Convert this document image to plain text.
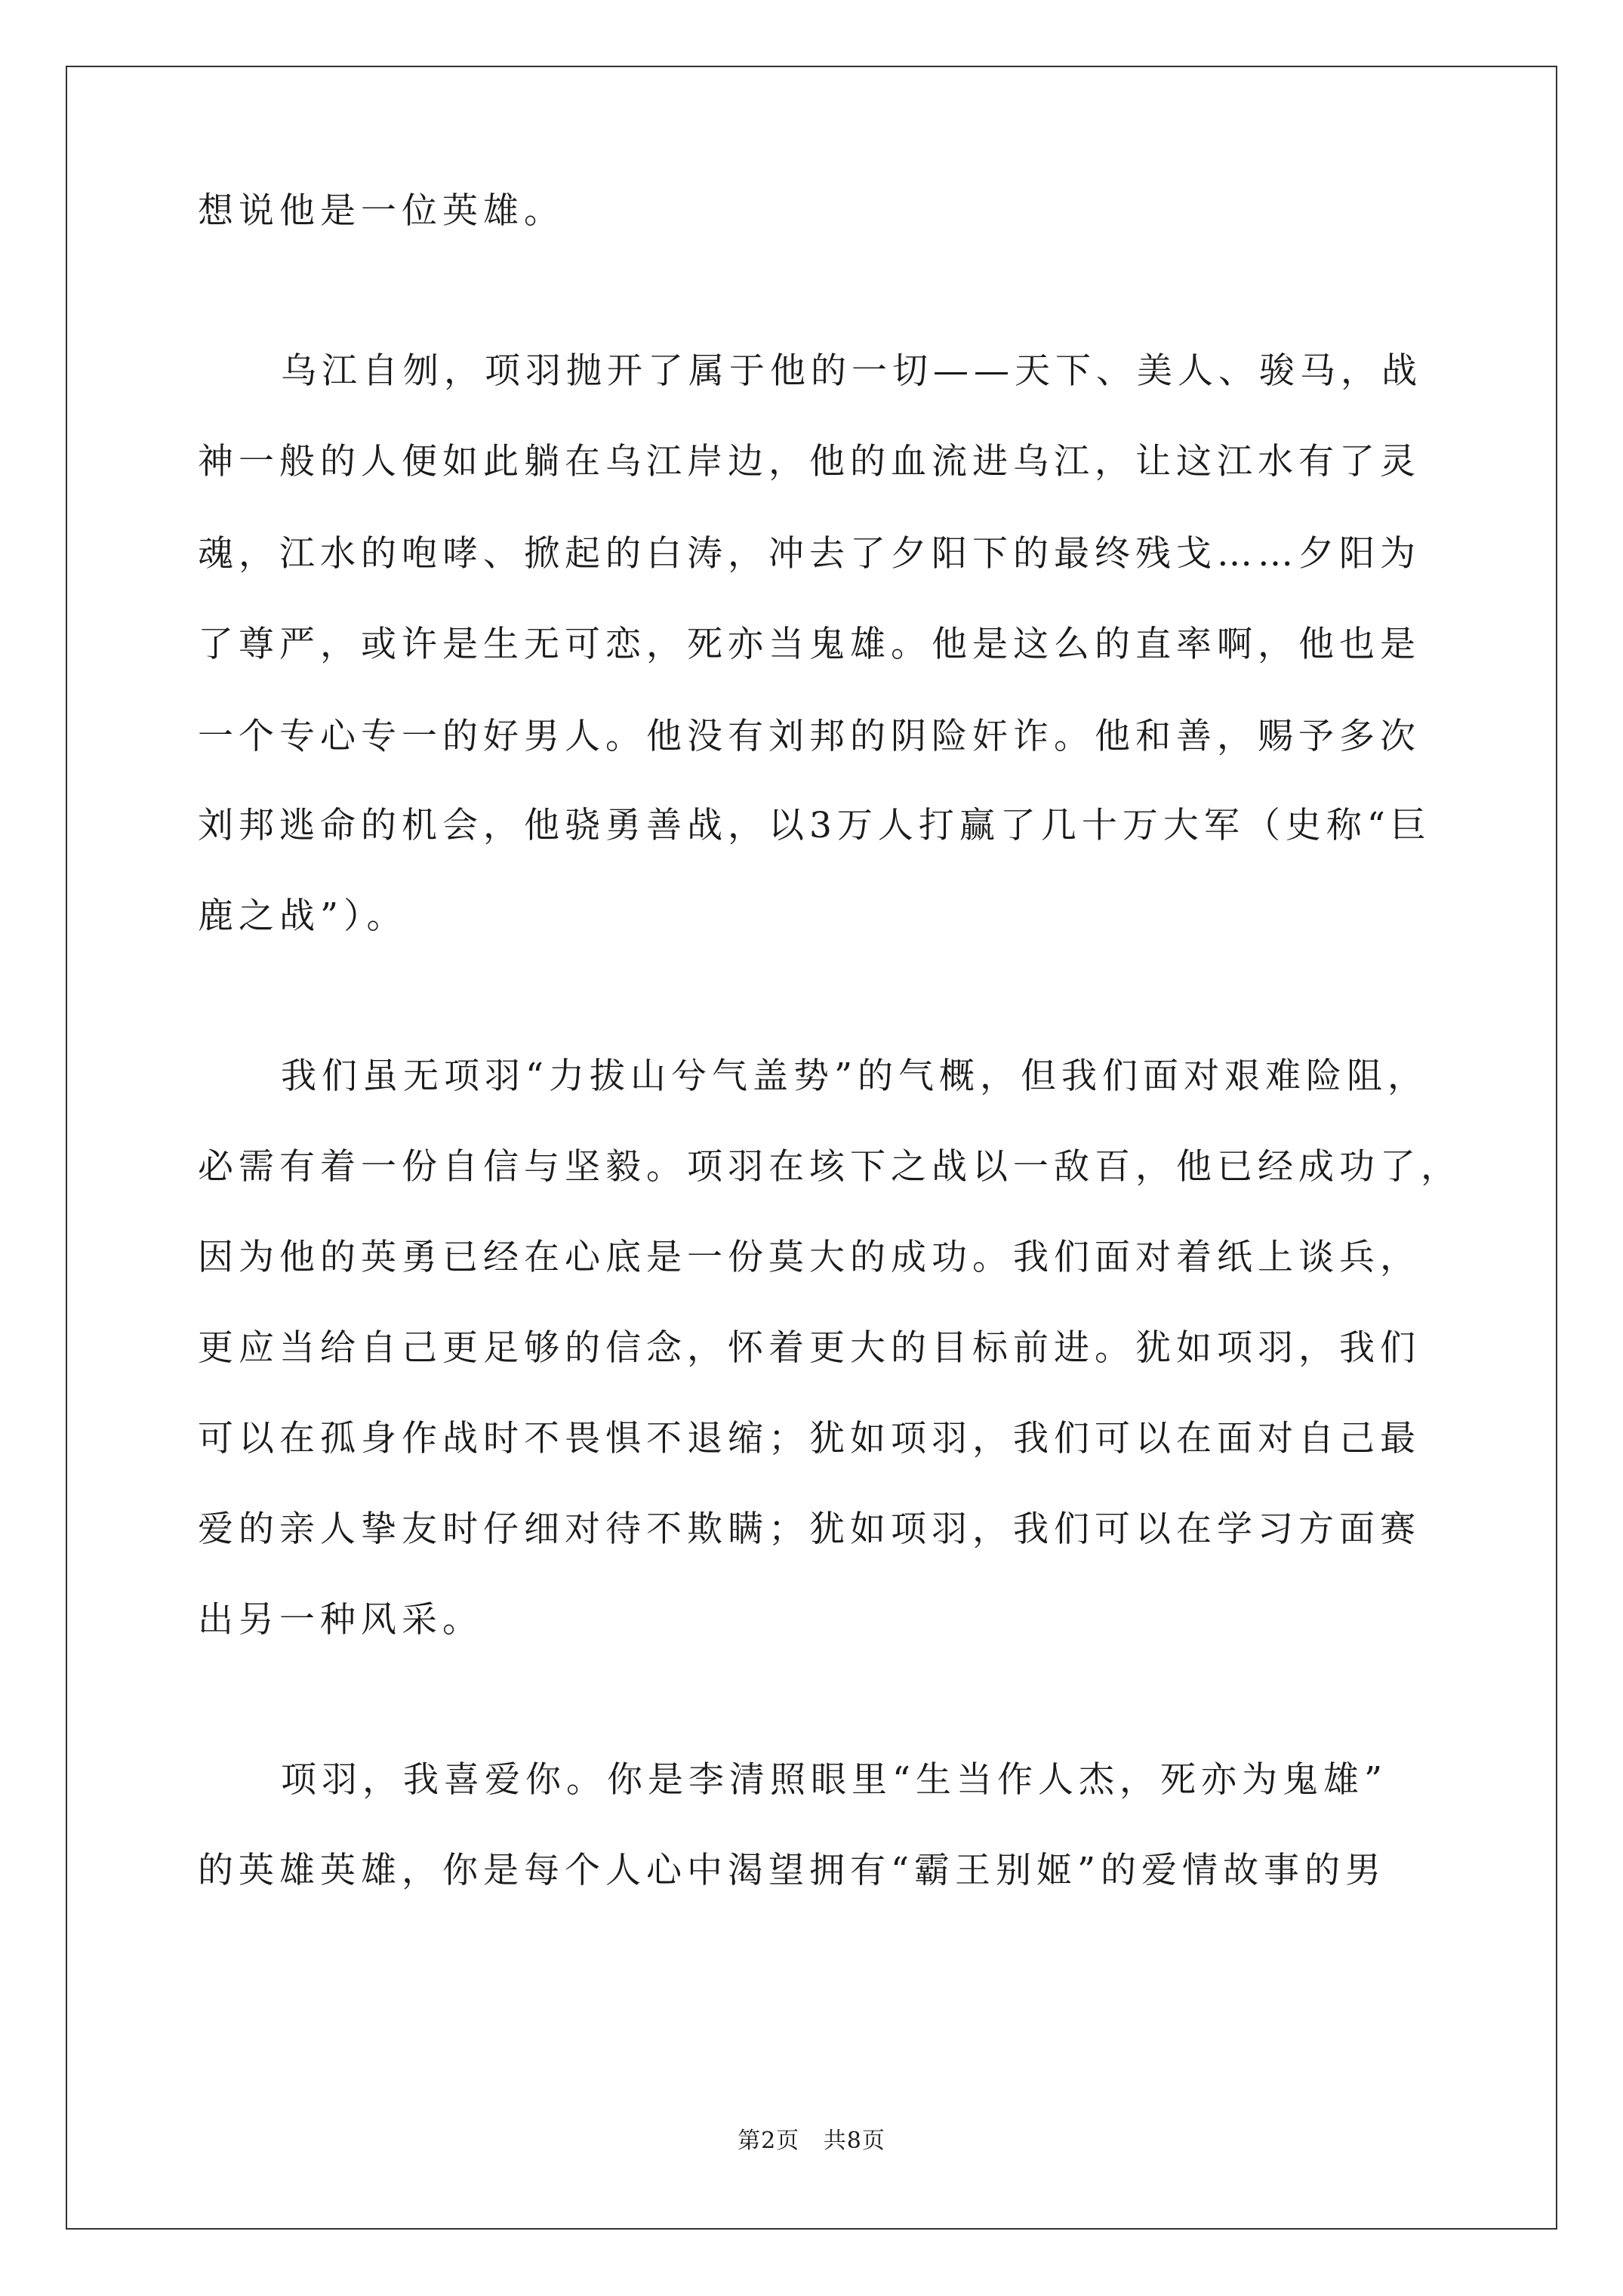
想说他是一位英雄。
乌江自刎，项羽抛开了属于他的一切——天下、美人、骏马，战
神一般的人便如此躺在乌江岸边，他的血流进乌江，让这江水有了灵
魂，江水的咆哮、掀起的白涛，冲去了夕阳下的最终残戈……夕阳为
了尊严，或许是生无可恋，死亦当鬼雄。他是这么的直率啊，他也是
一个专心专一的好男人。他没有刘邦的阴险奸诈。他和善，赐予多次
刘邦逃命的机会，他骁勇善战，以3万人打赢了几十万大军（史称“巨
鹿之战”）。
我们虽无项羽“力拔山兮气盖势”的气概，但我们面对艰难险阻，
必需有着一份自信与坚毅。项羽在垓下之战以一敌百，他已经成功了，
因为他的英勇已经在心底是一份莫大的成功。我们面对着纸上谈兵，
更应当给自己更足够的信念，怀着更大的目标前进。犹如项羽，我们
可以在孤身作战时不畏惧不退缩；犹如项羽，我们可以在面对自己最
爱的亲人挚友时仔细对待不欺瞒；犹如项羽，我们可以在学习方面赛
出另一种风采。
项羽，我喜爱你。你是李清照眼里“生当作人杰，死亦为鬼雄”
的英雄英雄，你是每个人心中渴望拥有“霸王别姬”的爱情故事的男
第2页   共8页
